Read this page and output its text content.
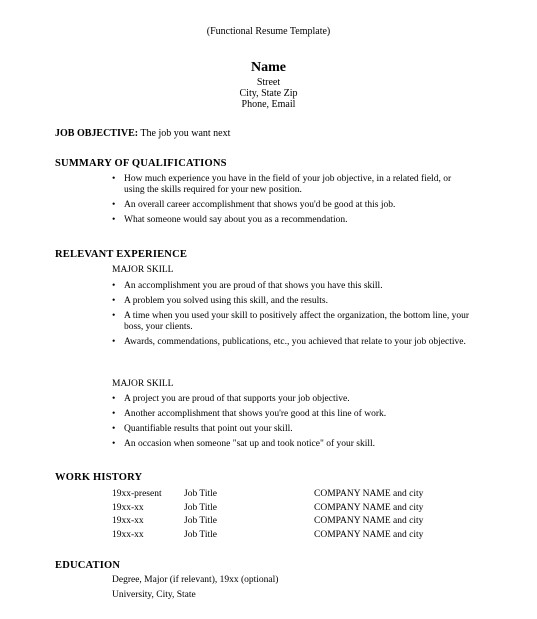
(Functional Resume Template)
Name
Street
City, State Zip
Phone, Email
JOB OBJECTIVE: The job you want next
SUMMARY OF QUALIFICATIONS
• How much experience you have in the field of your job objective, in a related field, or using the skills required for your new position.
• An overall career accomplishment that shows you'd be good at this job.
• What someone would say about you as a recommendation.
RELEVANT EXPERIENCE
MAJOR SKILL
• An accomplishment you are proud of that shows you have this skill.
• A problem you solved using this skill, and the results.
• A time when you used your skill to positively affect the organization, the bottom line, your boss, your clients.
• Awards, commendations, publications, etc., you achieved that relate to your job objective.
MAJOR SKILL
• A project you are proud of that supports your job objective.
• Another accomplishment that shows you're good at this line of work.
• Quantifiable results that point out your skill.
• An occasion when someone "sat up and took notice" of your skill.
WORK HISTORY
19xx-present Job Title	COMPANY NAME and city
19xx-xx	Job Title	COMPANY NAME and city
19xx-xx	Job Title	COMPANY NAME and city
19xx-xx	Job Title	COMPANY NAME and city
EDUCATION
Degree, Major (if relevant), 19xx (optional)
University, City, State
